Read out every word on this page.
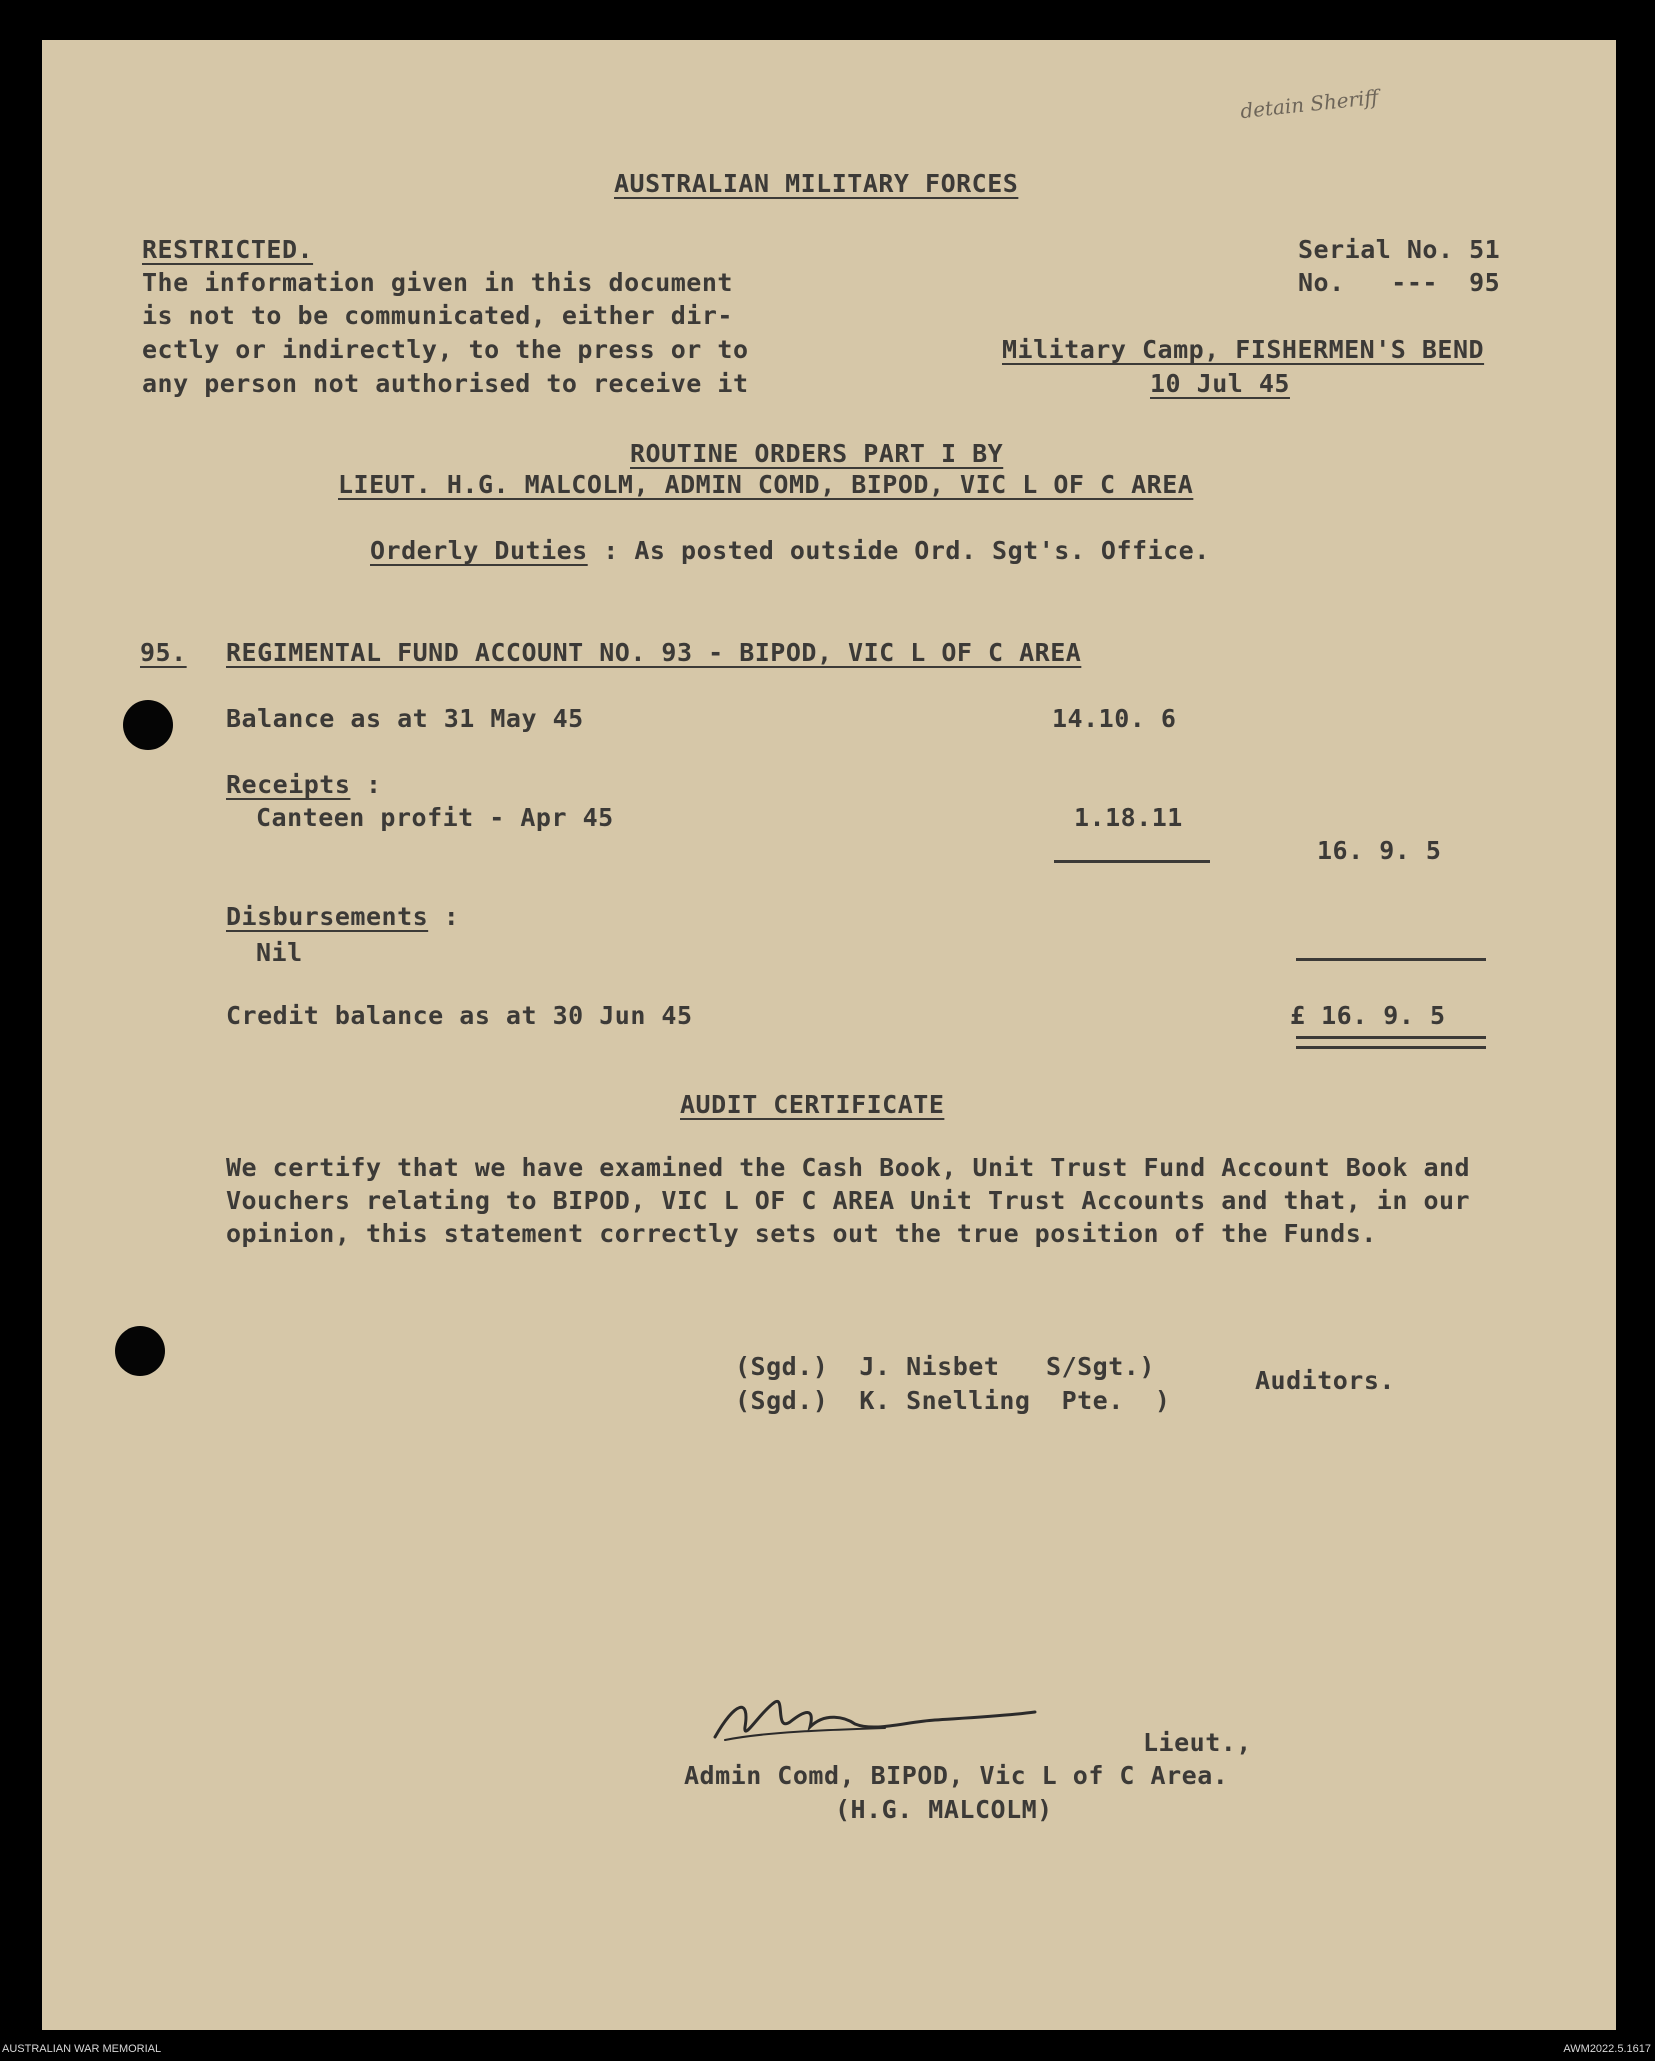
detain Sheriff
AUSTRALIAN MILITARY FORCES
RESTRICTED.
The information given in this document
is not to be communicated, either dir-
ectly or indirectly, to the press or to
any person not authorised to receive it
Serial No. 51
No.   ---  95
Military Camp, FISHERMEN'S BEND
10 Jul 45
ROUTINE ORDERS PART I BY
LIEUT. H.G. MALCOLM, ADMIN COMD, BIPOD, VIC L OF C AREA
Orderly Duties : As posted outside Ord. Sgt's. Office.
95. REGIMENTAL FUND ACCOUNT NO. 93 - BIPOD, VIC L OF C AREA
Balance as at 31 May 45	14.10. 6
Receipts :
Canteen profit - Apr 45	1.18.11
16. 9. 5
Disbursements :
Nil
Credit balance as at 30 Jun 45	£ 16. 9. 5
AUDIT CERTIFICATE
We certify that we have examined the Cash Book, Unit Trust Fund Account Book and
Vouchers relating to BIPOD, VIC L OF C AREA Unit Trust Accounts and that, in our
opinion, this statement correctly sets out the true position of the Funds.
(Sgd.)  J. Nisbet   S/Sgt.)
(Sgd.)  K. Snelling  Pte.  )
Auditors.
Lieut.,
Admin Comd, BIPOD, Vic L of C Area.
(H.G. MALCOLM)
AUSTRALIAN WAR MEMORIAL	AWM2022.5.1617
